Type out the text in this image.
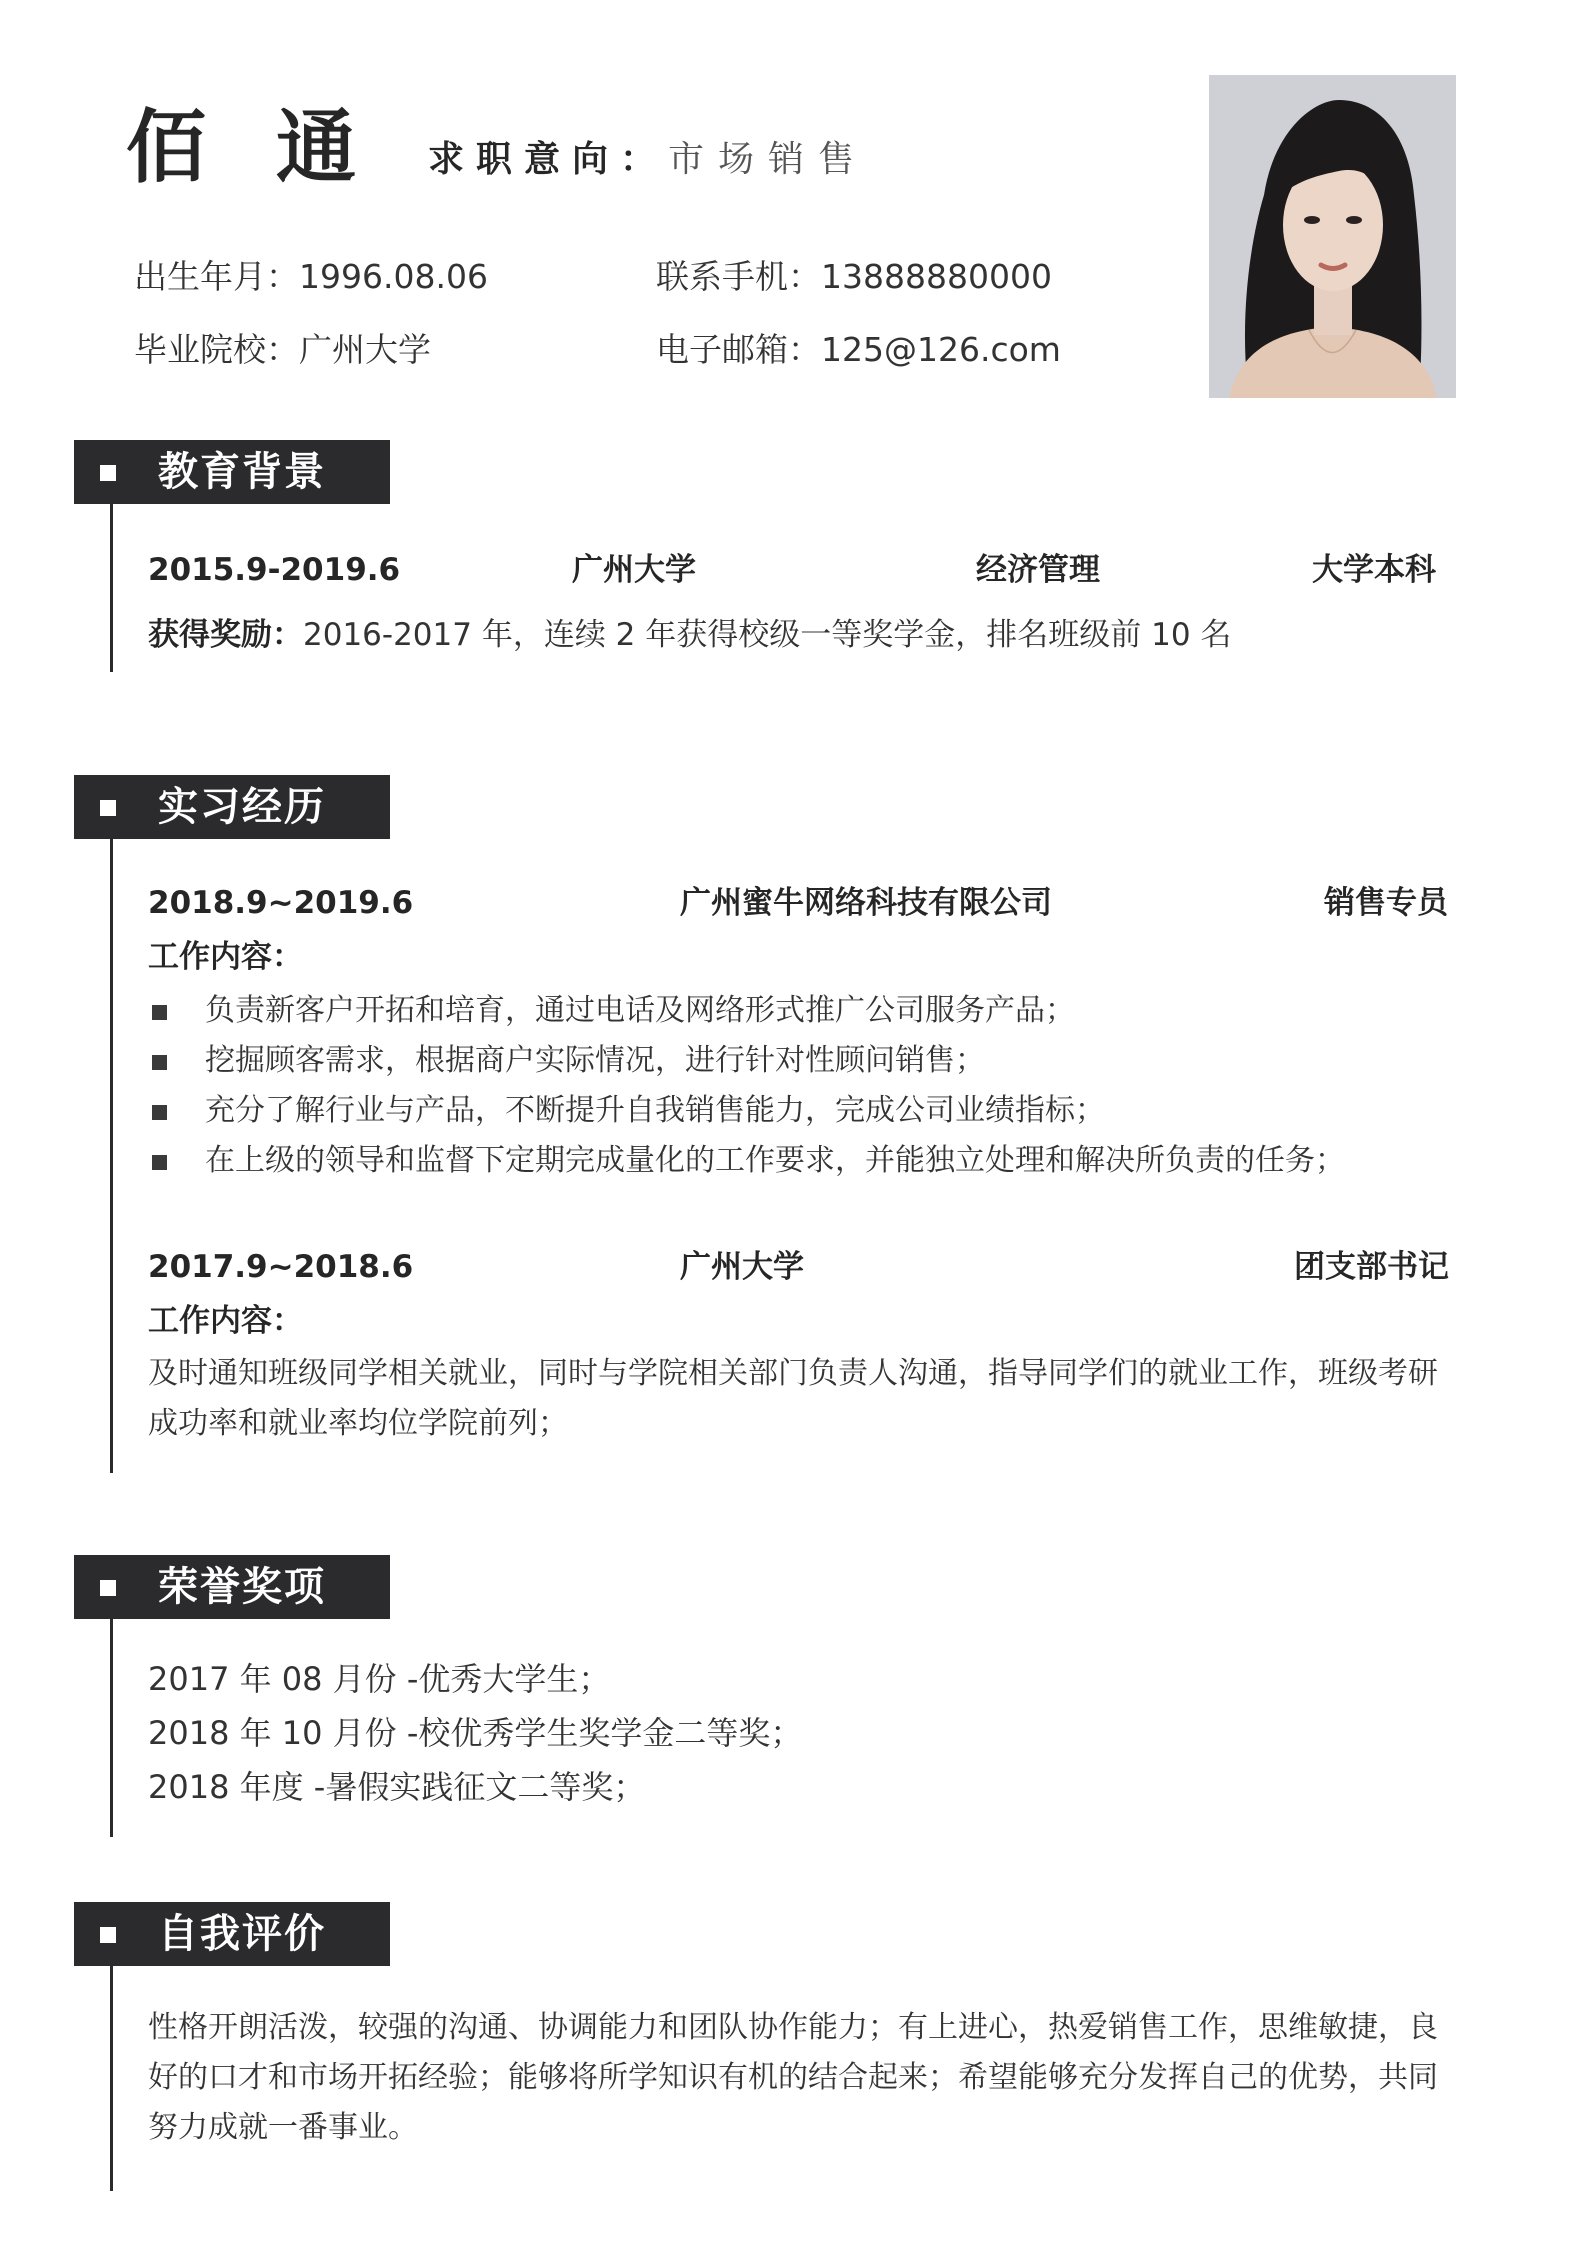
佰通 求职意向：市场销售
出生年月：1996.08.06	联系手机：13888880000
毕业院校：广州大学	电子邮箱：125@126.com
教育背景
2015.9-2019.6	广州大学	经济管理	大学本科
获得奖励：2016-2017 年，连续 2 年获得校级一等奖学金，排名班级前 10 名
实习经历
2018.9~2019.6	广州蜜牛网络科技有限公司	销售专员
工作内容：
负责新客户开拓和培育，通过电话及网络形式推广公司服务产品；
挖掘顾客需求，根据商户实际情况，进行针对性顾问销售；
充分了解行业与产品，不断提升自我销售能力，完成公司业绩指标；
在上级的领导和监督下定期完成量化的工作要求，并能独立处理和解决所负责的任务；
2017.9~2018.6	广州大学	团支部书记
工作内容：
及时通知班级同学相关就业，同时与学院相关部门负责人沟通，指导同学们的就业工作，班级考研成功率和就业率均位学院前列；
荣誉奖项
2017 年 08 月份 -优秀大学生；
2018 年 10 月份 -校优秀学生奖学金二等奖；
2018 年度 -暑假实践征文二等奖；
自我评价
性格开朗活泼，较强的沟通、协调能力和团队协作能力；有上进心，热爱销售工作，思维敏捷，良好的口才和市场开拓经验；能够将所学知识有机的结合起来；希望能够充分发挥自己的优势，共同努力成就一番事业。
